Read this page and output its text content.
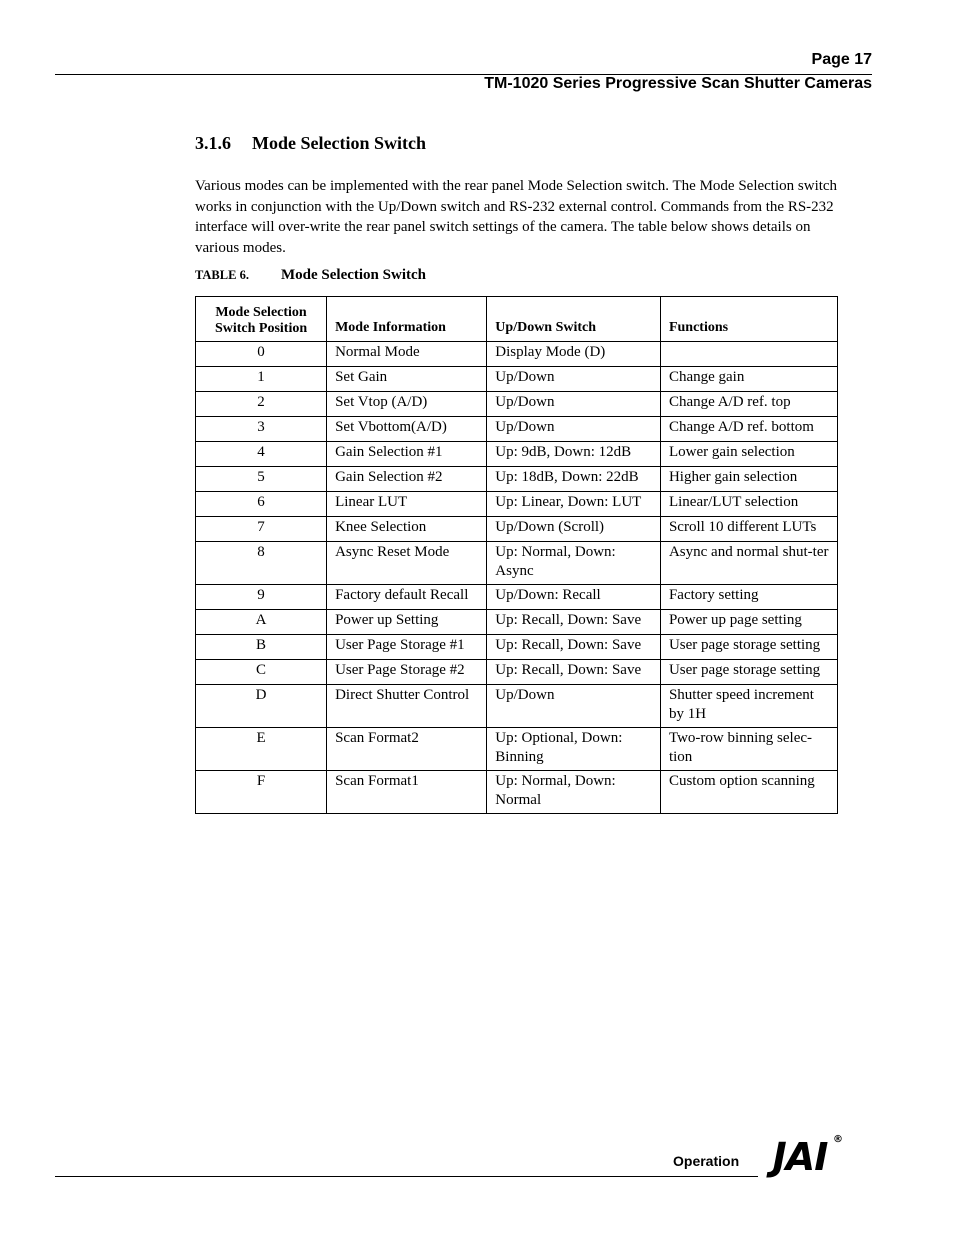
Page 17
TM-1020 Series Progressive Scan Shutter Cameras
3.1.6 Mode Selection Switch

Various modes can be implemented with the rear panel Mode Selection switch. The Mode Selection switch works in conjunction with the Up/Down switch and RS-232 external control. Commands from the RS-232 interface will over-write the rear panel switch settings of the camera. The table below shows details on various modes.

TABLE 6. Mode Selection Switch
Mode Selection Switch Position	Mode Information	Up/Down Switch	Functions
0	Normal Mode	Display Mode (D)	
1	Set Gain	Up/Down	Change gain
2	Set Vtop (A/D)	Up/Down	Change A/D ref. top
3	Set Vbottom(A/D)	Up/Down	Change A/D ref. bottom
4	Gain Selection #1	Up: 9dB, Down: 12dB	Lower gain selection
5	Gain Selection #2	Up: 18dB, Down: 22dB	Higher gain selection
6	Linear LUT	Up: Linear, Down: LUT	Linear/LUT selection
7	Knee Selection	Up/Down (Scroll)	Scroll 10 different LUTs
8	Async Reset Mode	Up: Normal, Down: Async	Async and normal shut-ter
9	Factory default Recall	Up/Down: Recall	Factory setting
A	Power up Setting	Up: Recall, Down: Save	Power up page setting
B	User Page Storage #1	Up: Recall, Down: Save	User page storage setting
C	User Page Storage #2	Up: Recall, Down: Save	User page storage setting
D	Direct Shutter Control	Up/Down	Shutter speed increment by 1H
E	Scan Format2	Up: Optional, Down: Binning	Two-row binning selec-tion
F	Scan Format1	Up: Normal, Down: Normal	Custom option scanning
Operation JAI ®
